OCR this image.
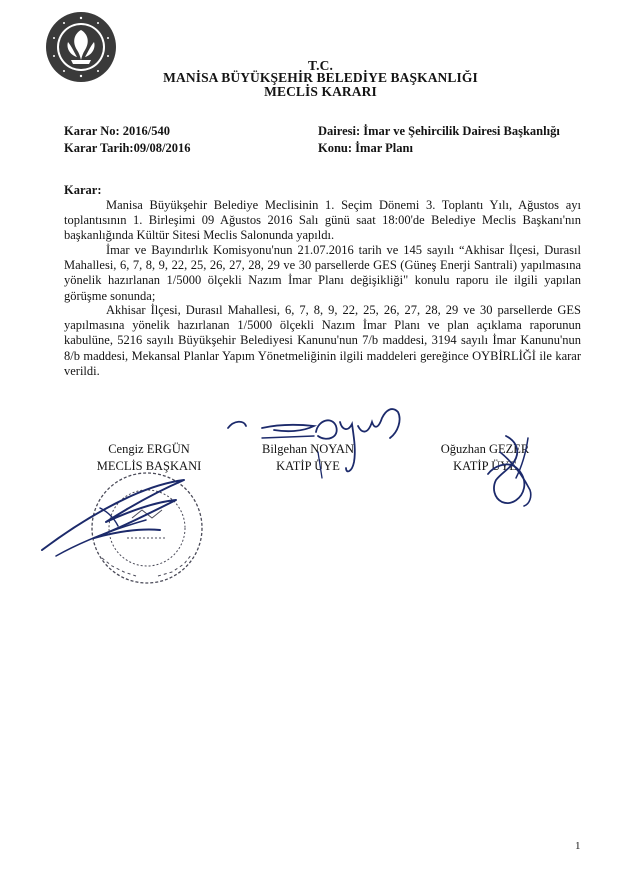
T.C.
MANİSA BÜYÜKŞEHİR BELEDİYE BAŞKANLIĞI
MECLİS KARARI
Karar No: 2016/540
Karar Tarih:09/08/2016
Dairesi: İmar ve Şehircilik Dairesi Başkanlığı
Konu: İmar Planı
Karar:

Manisa Büyükşehir Belediye Meclisinin 1. Seçim Dönemi 3. Toplantı Yılı, Ağustos ayı toplantısının 1. Birleşimi 09 Ağustos 2016 Salı günü saat 18:00'de Belediye Meclis Başkanı'nın başkanlığında Kültür Sitesi Meclis Salonunda yapıldı.

İmar ve Bayındırlık Komisyonu'nun 21.07.2016 tarih ve 145 sayılı “Akhisar İlçesi, Durasıl Mahallesi, 6, 7, 8, 9, 22, 25, 26, 27, 28, 29 ve 30 parsellerde GES (Güneş Enerji Santrali) yapılmasına yönelik hazırlanan 1/5000 ölçekli Nazım İmar Planı değişikliği" konulu raporu ile ilgili yapılan görüşme sonunda;

Akhisar İlçesi, Durasıl Mahallesi, 6, 7, 8, 9, 22, 25, 26, 27, 28, 29 ve 30 parsellerde GES yapılmasına yönelik hazırlanan 1/5000 ölçekli Nazım İmar Planı ve plan açıklama raporunun kabulüne, 5216 sayılı Büyükşehir Belediyesi Kanunu'nun 7/b maddesi, 3194 sayılı İmar Kanunu'nun 8/b maddesi, Mekansal Planlar Yapım Yönetmeliğinin ilgili maddeleri gereğince OYBİRLİĞİ ile karar verildi.

Cengiz ERGÜN
MECLİS BAŞKANI
Bilgehan NOYAN
KATİP ÜYE
Oğuzhan GEZER
KATİP ÜYE
1
